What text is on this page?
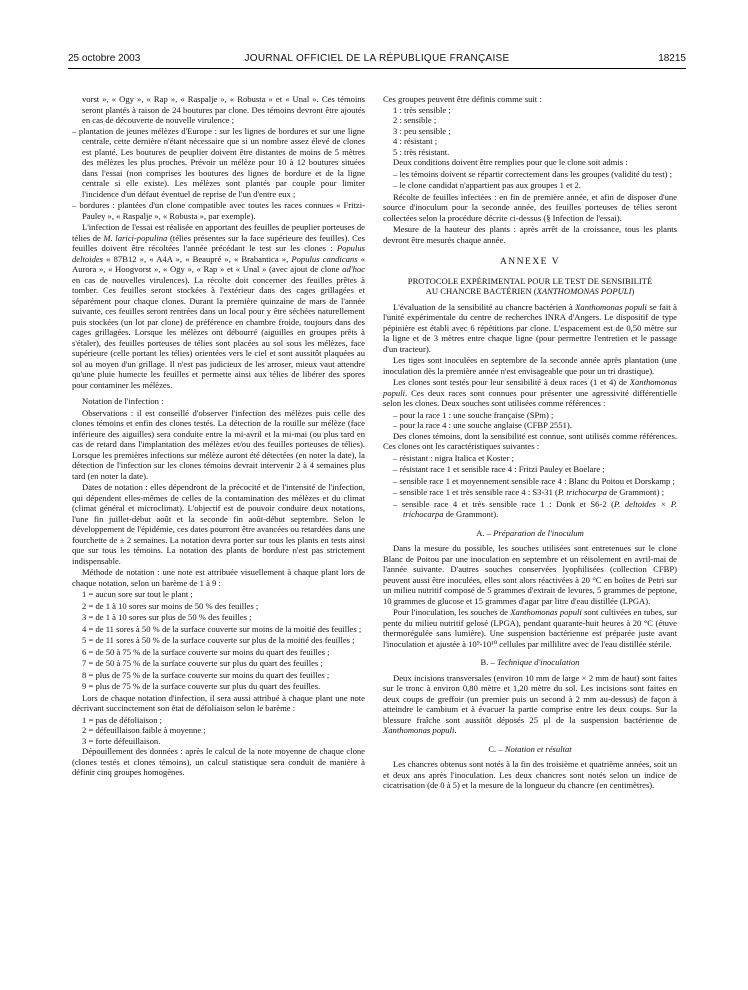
25 octobre 2003	JOURNAL OFFICIEL DE LA RÉPUBLIQUE FRANÇAISE	18215

vorst », « Ogy », « Rap », « Raspalje », « Robusta » et « Unal ». Ces témoins seront plantés à raison de 24 boutures par clone. Des témoins devront être ajoutés en cas de découverte de nouvelle virulence ;

– plantation de jeunes mélèzes d'Europe : sur les lignes de bordures et sur une ligne centrale, cette dernière n'étant nécessaire que si un nombre assez élevé de clones est planté. Les boutures de peuplier doivent être distantes de moins de 5 mètres des mélèzes les plus proches. Prévoir un mélèze pour 10 à 12 boutures situées dans l'essai (non comprises les boutures des lignes de bordure et de la ligne centrale si elle existe). Les mélèzes sont plantés par couple pour limiter l'incidence d'un défaut éventuel de reprise de l'un d'entre eux ;

– bordures : plantées d'un clone compatible avec toutes les races connues « Fritzi-Pauley », « Raspalje », « Robusta », par exemple).

L'infection de l'essai est réalisée en apportant des feuilles de peuplier porteuses de télies de M. larici-populina (télies présentes sur la face supérieure des feuilles). Ces feuilles doivent être récoltées l'année précédant le test sur les clones : Populus deltoides « 87B12 », « A4A », « Beaupré », « Brabantica », Populus candicans « Aurora », « Hoogvorst », « Ogy », « Rap » et « Unal » (avec ajout de clone ad'hoc en cas de nouvelles virulences). La récolte doit concerner des feuilles prêtes à tomber. Ces feuilles seront stockées à l'extérieur dans des cages grillagées et séparément pour chaque clones. Durant la première quinzaine de mars de l'année suivante, ces feuilles seront rentrées dans un local pour y être séchées naturellement puis stockées (un lot par clone) de préférence en chambre froide, toujours dans des cages grillagées. Lorsque les mélèzes ont débourré (aiguilles en groupes prêts à s'étaler), des feuilles porteuses de télies sont placées au sol sous les mélèzes, face supérieure (celle portant les télies) orientées vers le ciel et sont aussitôt plaquées au sol au moyen d'un grillage. Il n'est pas judicieux de les arroser, mieux vaut attendre qu'une pluie humecte les feuilles et permette ainsi aux télies de libérer des spores pour contaminer les mélèzes.

Notation de l'infection :

Observations : il est conseillé d'observer l'infection des mélèzes puis celle des clones témoins et enfin des clones testés. La détection de la rouille sur mélèze (face inférieure des aiguilles) sera conduite entre la mi-avril et la mi-mai (ou plus tard en cas de retard dans l'implantation des mélèzes et/ou des feuilles porteuses de télies). Lorsque les premières infections sur mélèze auront été détectées (en noter la date), la détection de l'infection sur les clones témoins devrait intervenir 2 à 4 semaines plus tard (en noter la date).

Dates de notation : elles dépendront de la précocité et de l'intensité de l'infection, qui dépendent elles-mêmes de celles de la contamination des mélèzes et du climat (climat général et microclimat). L'objectif est de pouvoir conduire deux notations, l'une fin juillet-début août et la seconde fin août-début septembre. Selon le développement de l'épidémie, ces dates pourront être avancées ou retardées dans une fourchette de ± 2 semaines. La notation devra porter sur tous les plants en tests ainsi que sur tous les témoins. La notation des plants de bordure n'est pas strictement indispensable.

Méthode de notation : une note est attribuée visuellement à chaque plant lors de chaque notation, selon un barème de 1 à 9 :

1 = aucun sore sur tout le plant ;

2 = de 1 à 10 sores sur moins de 50 % des feuilles ;

3 = de 1 à 10 sores sur plus de 50 % des feuilles ;

4 = de 11 sores à 50 % de la surface couverte sur moins de la moitié des feuilles ;

5 = de 11 sores à 50 % de la surface couverte sur plus de la moitié des feuilles ;

6 = de 50 à 75 % de la surface couverte sur moins du quart des feuilles ;

7 = de 50 à 75 % de la surface couverte sur plus du quart des feuilles ;

8 = plus de 75 % de la surface couverte sur moins du quart des feuilles ;

9 = plus de 75 % de la surface couverte sur plus du quart des feuilles.

Lors de chaque notation d'infection, il sera aussi attribué à chaque plant une note décrivant succinctement son état de défoliaison selon le barème :

1 = pas de défoliaison ;

2 = défeuillaison faible à moyenne ;

3 = forte défeuillaison.

Dépouillement des données : après le calcul de la note moyenne de chaque clone (clones testés et clones témoins), un calcul statistique sera conduit de manière à définir cinq groupes homogènes.

Ces groupes peuvent être définis comme suit :

1 : très sensible ;

2 : sensible ;

3 : peu sensible ;

4 : résistant ;

5 : très résistant.

Deux conditions doivent être remplies pour que le clone soit admis :

– les témoins doivent se répartir correctement dans les groupes (validité du test) ;

– le clone candidat n'appartient pas aux groupes 1 et 2.

Récolte de feuilles infectées : en fin de première année, et afin de disposer d'une source d'inoculum pour la seconde année, des feuilles porteuses de télies seront collectées selon la procédure décrite ci-dessus (§ Infection de l'essai).

Mesure de la hauteur des plants : après arrêt de la croissance, tous les plants devront être mesurés chaque année.

ANNEXE V
PROTOCOLE EXPÉRIMENTAL POUR LE TEST DE SENSIBILITÉ
AU CHANCRE BACTÉRIEN (XANTHOMONAS POPULI)

L'évaluation de la sensibilité au chancre bactérien à Xanthomonas populi se fait à l'unité expérimentale du centre de recherches INRA d'Angers. Le dispositif de type pépinière est établi avec 6 répétitions par clone. L'espacement est de 0,50 mètre sur la ligne et de 3 mètres entre chaque ligne (pour permettre l'entretien et le passage d'un tracteur).

Les tiges sont inoculées en septembre de la seconde année après plantation (une inoculation dès la première année n'est envisageable que pour un tri drastique).

Les clones sont testés pour leur sensibilité à deux races (1 et 4) de Xanthomonas populi. Ces deux races sont connues pour présenter une agressivité différentielle selon les clones. Deux souches sont utilisées comme références :

– pour la race 1 : une souche française (SPm) ;

– pour la race 4 : une souche anglaise (CFBP 2551).

Des clones témoins, dont la sensibilité est connue, sont utilisés comme références. Ces clones ont les caractéristiques suivantes :

– résistant : nigra Italica et Koster ;

– résistant race 1 et sensible race 4 : Fritzi Pauley et Boelare ;

– sensible race 1 et moyennement sensible race 4 : Blanc du Poitou et Dorskamp ;

– sensible race 1 et très sensible race 4 : S3-31 (P. trichocarpa de Grammont) ;

– sensible race 4 et très sensible race 1 : Donk et S6-2 (P. deltoides × P. trichocarpa de Grammont).

A. – Préparation de l'inoculum

Dans la mesure du possible, les souches utilisées sont entretenues sur le clone Blanc de Poitou par une inoculation en septembre et un réisolement en avril-mai de l'année suivante. D'autres souches conservées lyophilisées (collection CFBP) peuvent aussi être inoculées, elles sont alors réactivées à 20 °C en boîtes de Petri sur un milieu nutritif composé de 5 grammes d'extrait de levures, 5 grammes de peptone, 10 grammes de glucose et 15 grammes d'agar par litre d'eau distillée (LPGA).

Pour l'inoculation, les souches de Xanthomonas populi sont cultivées en tubes, sur pente du milieu nutritif gelosé (LPGA), pendant quarante-huit heures à 20 °C (étuve thermorégulée sans lumière). Une suspension bactérienne est préparée juste avant l'inoculation et ajustée à 10⁹-10¹⁰ cellules par millilitre avec de l'eau distillée stérile.

B. – Technique d'inoculation

Deux incisions transversales (environ 10 mm de large × 2 mm de haut) sont faites sur le tronc à environ 0,80 mètre et 1,20 mètre du sol. Les incisions sont faites en deux coups de greffoir (un premier puis un second à 2 mm au-dessus) de façon à atteindre le cambium et à évacuer la partie comprise entre les deux coups. Sur la blessure fraîche sont aussitôt déposés 25 µl de la suspension bactérienne de Xanthomonas populi.

C. – Notation et résultat

Les chancres obtenus sont notés à la fin des troisième et quatrième années, soit un et deux ans après l'inoculation. Les deux chancres sont notés selon un indice de cicatrisation (de 0 à 5) et la mesure de la longueur du chancre (en centimètres).
